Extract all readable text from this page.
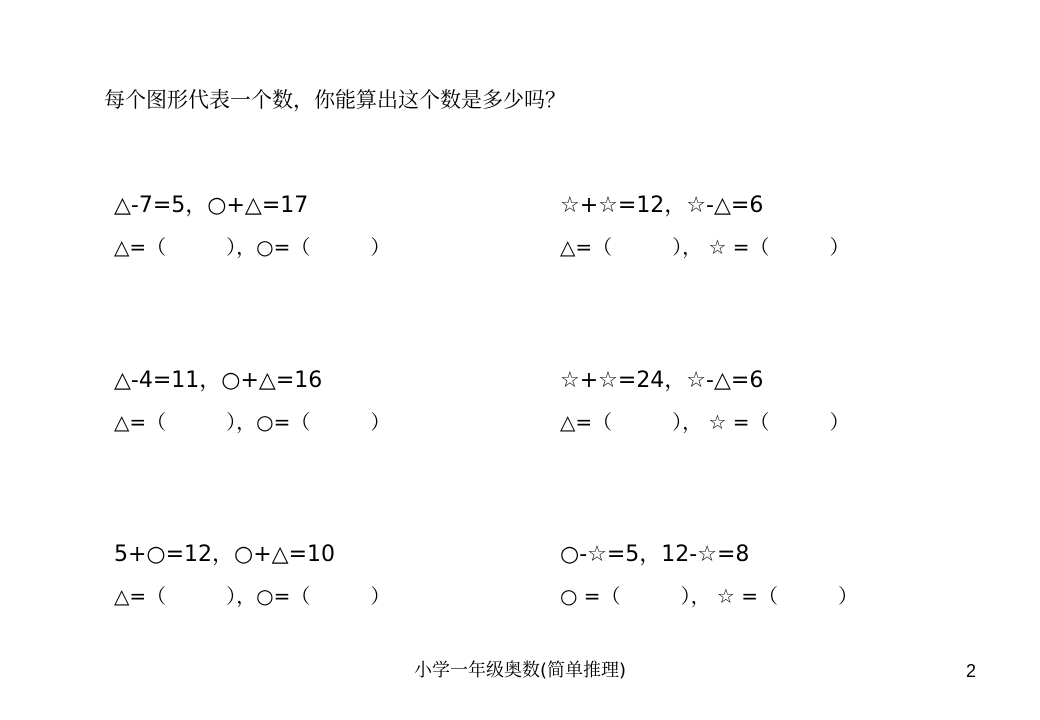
每个图形代表一个数，你能算出这个数是多少吗？
△-7=5，○+△=17
△=（　　　），○=（　　　）
☆+☆=12，☆-△=6
△=（　　　）， ☆ =（　　　）
△-4=11，○+△=16
△=（　　　），○=（　　　）
☆+☆=24，☆-△=6
△=（　　　）， ☆ =（　　　）
5+○=12，○+△=10
△=（　　　），○=（　　　）
○-☆=5，12-☆=8
○ =（　　　）， ☆ =（　　　）
小学一年级奥数(简单推理)	2
